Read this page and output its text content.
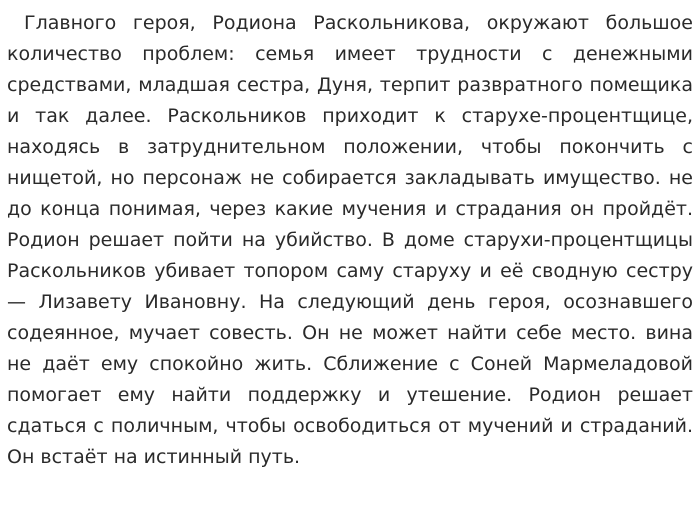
Главного героя, Родиона Раскольникова, окружают большое количество проблем: семья имеет трудности с денежными средствами, младшая сестра, Дуня, терпит развратного помещика и так далее. Раскольников приходит к старухе-процентщице, находясь в затруднительном положении, чтобы покончить с нищетой, но персонаж не собирается закладывать имущество. не до конца понимая, через какие мучения и страдания он пройдёт. Родион решает пойти на убийство. В доме старухи-процентщицы Раскольников убивает топором саму старуху и её сводную сестру — Лизавету Ивановну. На следующий день героя, осознавшего содеянное, мучает совесть. Он не может найти себе место. вина не даёт ему спокойно жить. Сближение с Соней Мармеладовой помогает ему найти поддержку и утешение. Родион решает сдаться с поличным, чтобы освободиться от мучений и страданий. Он встаёт на истинный путь.
